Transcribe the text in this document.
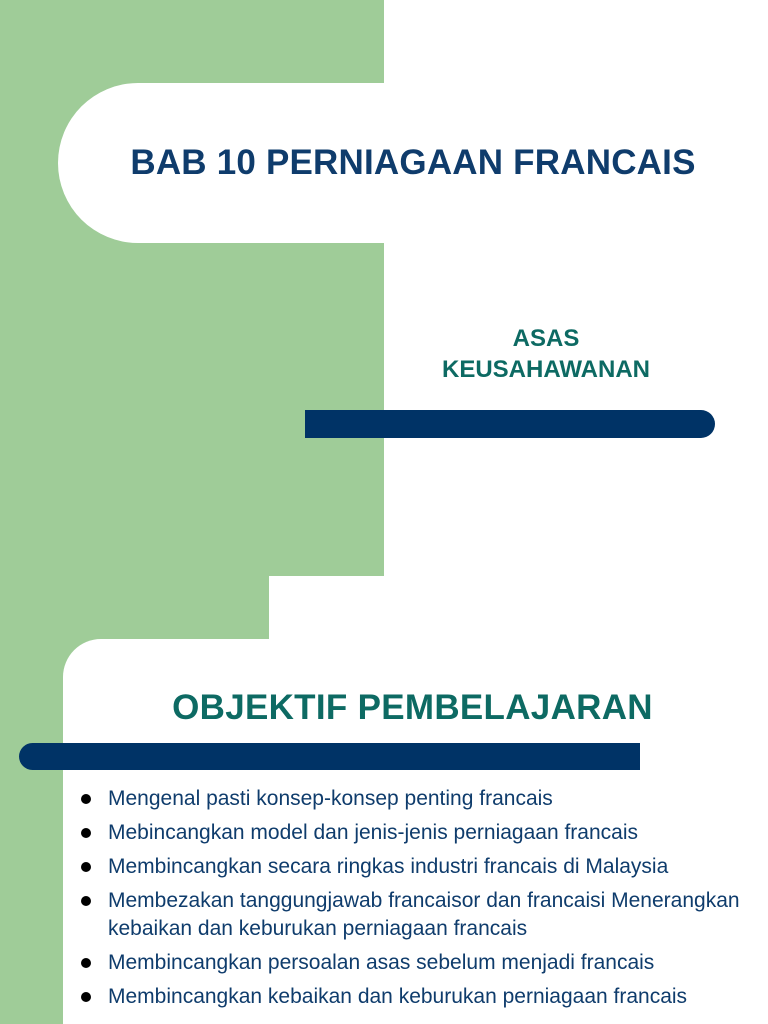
BAB 10 PERNIAGAAN FRANCAIS
ASAS
KEUSAHAWANAN
OBJEKTIF PEMBELAJARAN
Mengenal pasti konsep-konsep penting francais
Mebincangkan model dan jenis-jenis perniagaan francais
Membincangkan secara ringkas industri francais di Malaysia
Membezakan tanggungjawab francaisor dan francaisi Menerangkan kebaikan dan keburukan perniagaan francais
Membincangkan persoalan asas sebelum menjadi francais
Membincangkan kebaikan dan keburukan perniagaan francais
